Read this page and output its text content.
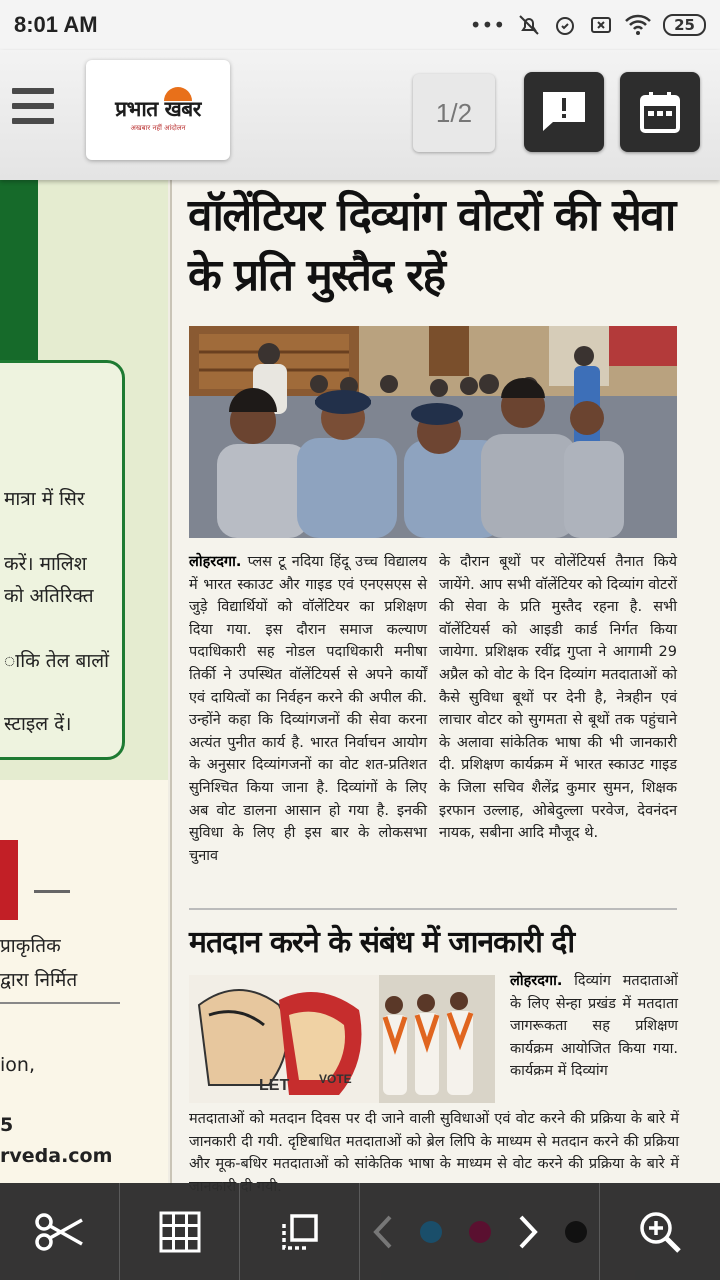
8:01 AM	•••	25
प्रभात खबर
अखबार नहीं आंदोलन
1/2
मात्रा में सिर
करें। मालिश
को अतिरिक्त
ाकि तेल बालों
स्टाइल दें।
प्राकृतिक
द्वारा निर्मित
ion,
5
rveda.com
वॉलेंटियर दिव्यांग वोटरों की सेवा के प्रति मुस्तैद रहें
लोहरदगा. प्लस टू नदिया हिंदू उच्च विद्यालय में भारत स्काउट और गाइड एवं एनएसएस से जुड़े विद्यार्थियों को वॉलेंटियर का प्रशिक्षण दिया गया. इस दौरान समाज कल्याण पदाधिकारी सह नोडल पदाधिकारी मनीषा तिर्की ने उपस्थित वॉलेंटियर्स से अपने कार्यों एवं दायित्वों का निर्वहन करने की अपील की. उन्होंने कहा कि दिव्यांगजनों की सेवा करना अत्यंत पुनीत कार्य है. भारत निर्वाचन आयोग के अनुसार दिव्यांगजनों का वोट शत-प्रतिशत सुनिश्चित किया जाना है. दिव्यांगों के लिए अब वोट डालना आसान हो गया है. इनकी सुविधा के लिए ही इस बार के लोकसभा चुनाव
के दौरान बूथों पर वोलेंटियर्स तैनात किये जायेंगे. आप सभी वॉलेंटियर को दिव्यांग वोटरों की सेवा के प्रति मुस्तैद रहना है. सभी वॉलेंटियर्स को आइडी कार्ड निर्गत किया जायेगा. प्रशिक्षक रवींद्र गुप्ता ने आगामी 29 अप्रैल को वोट के दिन दिव्यांग मतदाताओं को कैसे सुविधा बूथों पर देनी है, नेत्रहीन एवं लाचार वोटर को सुगमता से बूथों तक पहुंचाने के अलावा सांकेतिक भाषा की भी जानकारी दी. प्रशिक्षण कार्यक्रम में भारत स्काउट गाइड के जिला सचिव शैलेंद्र कुमार सुमन, शिक्षक इरफान उल्लाह, ओबेदुल्ला परवेज, देवनंदन नायक, सबीना आदि मौजूद थे.
मतदान करने के संबंध में जानकारी दी
LET VOTE
लोहरदगा. दिव्यांग मतदाताओं के लिए सेन्हा प्रखंड में मतदाता जागरूकता सह प्रशिक्षण कार्यक्रम आयोजित किया गया. कार्यक्रम में दिव्यांग
मतदाताओं को मतदान दिवस पर दी जाने वाली सुविधाओं एवं वोट करने की प्रक्रिया के बारे में जानकारी दी गयी. दृष्टिबाधित मतदाताओं को ब्रेल लिपि के माध्यम से मतदान करने की प्रक्रिया और मूक-बधिर मतदाताओं को सांकेतिक भाषा के माध्यम से वोट करने की प्रक्रिया के बारे में
